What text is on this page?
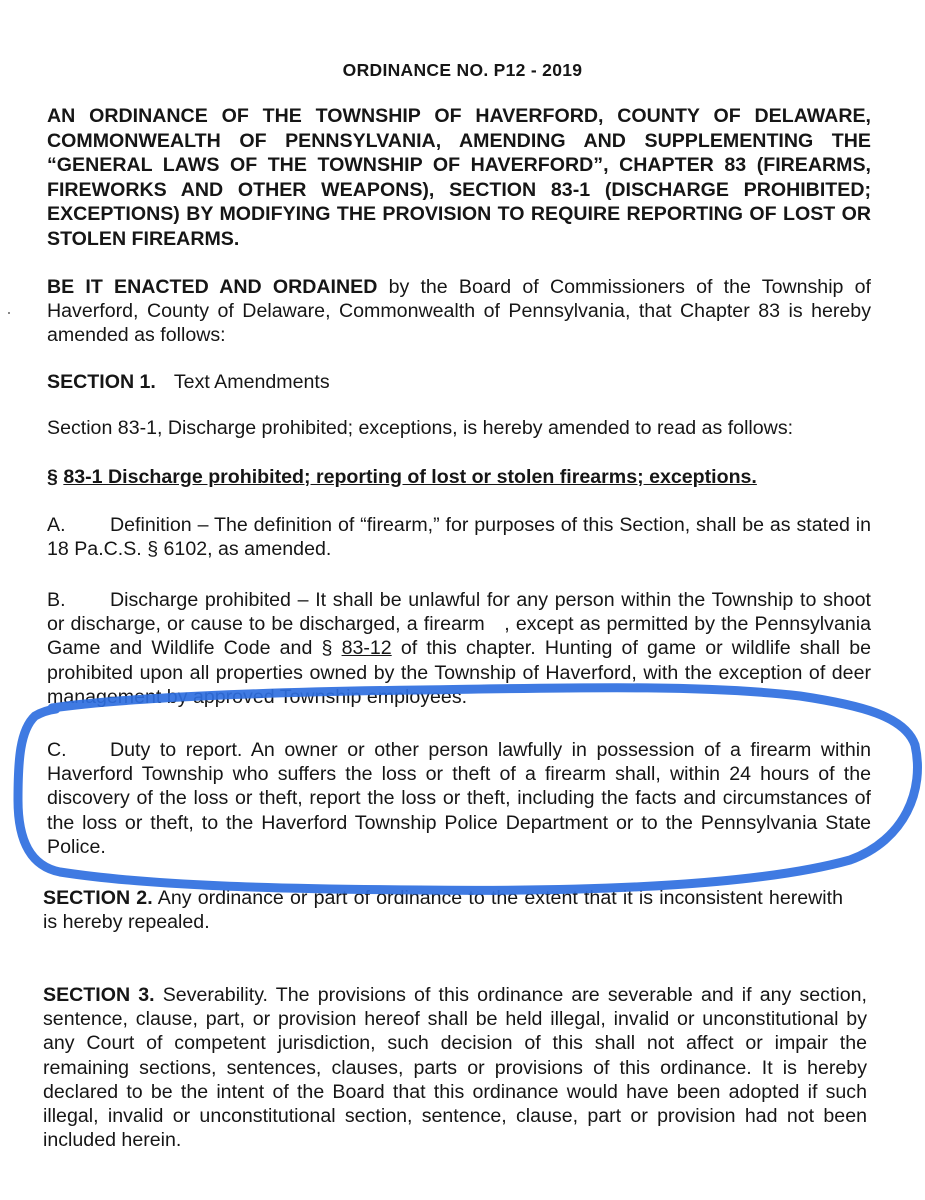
ORDINANCE NO. P12 - 2019
AN ORDINANCE OF THE TOWNSHIP OF HAVERFORD, COUNTY OF DELAWARE, COMMONWEALTH OF PENNSYLVANIA, AMENDING AND SUPPLEMENTING THE “GENERAL LAWS OF THE TOWNSHIP OF HAVERFORD”, CHAPTER 83 (FIREARMS, FIREWORKS AND OTHER WEAPONS), SECTION 83-1 (DISCHARGE PROHIBITED; EXCEPTIONS) BY MODIFYING THE PROVISION TO REQUIRE REPORTING OF LOST OR STOLEN FIREARMS.
BE IT ENACTED AND ORDAINED by the Board of Commissioners of the Township of Haverford, County of Delaware, Commonwealth of Pennsylvania, that Chapter 83 is hereby amended as follows:
SECTION 1. Text Amendments
Section 83-1, Discharge prohibited; exceptions, is hereby amended to read as follows:
§ 83-1 Discharge prohibited; reporting of lost or stolen firearms; exceptions.
A. Definition – The definition of “firearm,” for purposes of this Section, shall be as stated in 18 Pa.C.S. § 6102, as amended.
B. Discharge prohibited – It shall be unlawful for any person within the Township to shoot or discharge, or cause to be discharged, a firearm , except as permitted by the Pennsylvania Game and Wildlife Code and § 83-12 of this chapter. Hunting of game or wildlife shall be prohibited upon all properties owned by the Township of Haverford, with the exception of deer management by approved Township employees.
C. Duty to report. An owner or other person lawfully in possession of a firearm within Haverford Township who suffers the loss or theft of a firearm shall, within 24 hours of the discovery of the loss or theft, report the loss or theft, including the facts and circumstances of the loss or theft, to the Haverford Township Police Department or to the Pennsylvania State Police.
SECTION 2. Any ordinance or part of ordinance to the extent that it is inconsistent herewith is hereby repealed.
SECTION 3. Severability. The provisions of this ordinance are severable and if any section, sentence, clause, part, or provision hereof shall be held illegal, invalid or unconstitutional by any Court of competent jurisdiction, such decision of this shall not affect or impair the remaining sections, sentences, clauses, parts or provisions of this ordinance. It is hereby declared to be the intent of the Board that this ordinance would have been adopted if such illegal, invalid or unconstitutional section, sentence, clause, part or provision had not been included herein.
